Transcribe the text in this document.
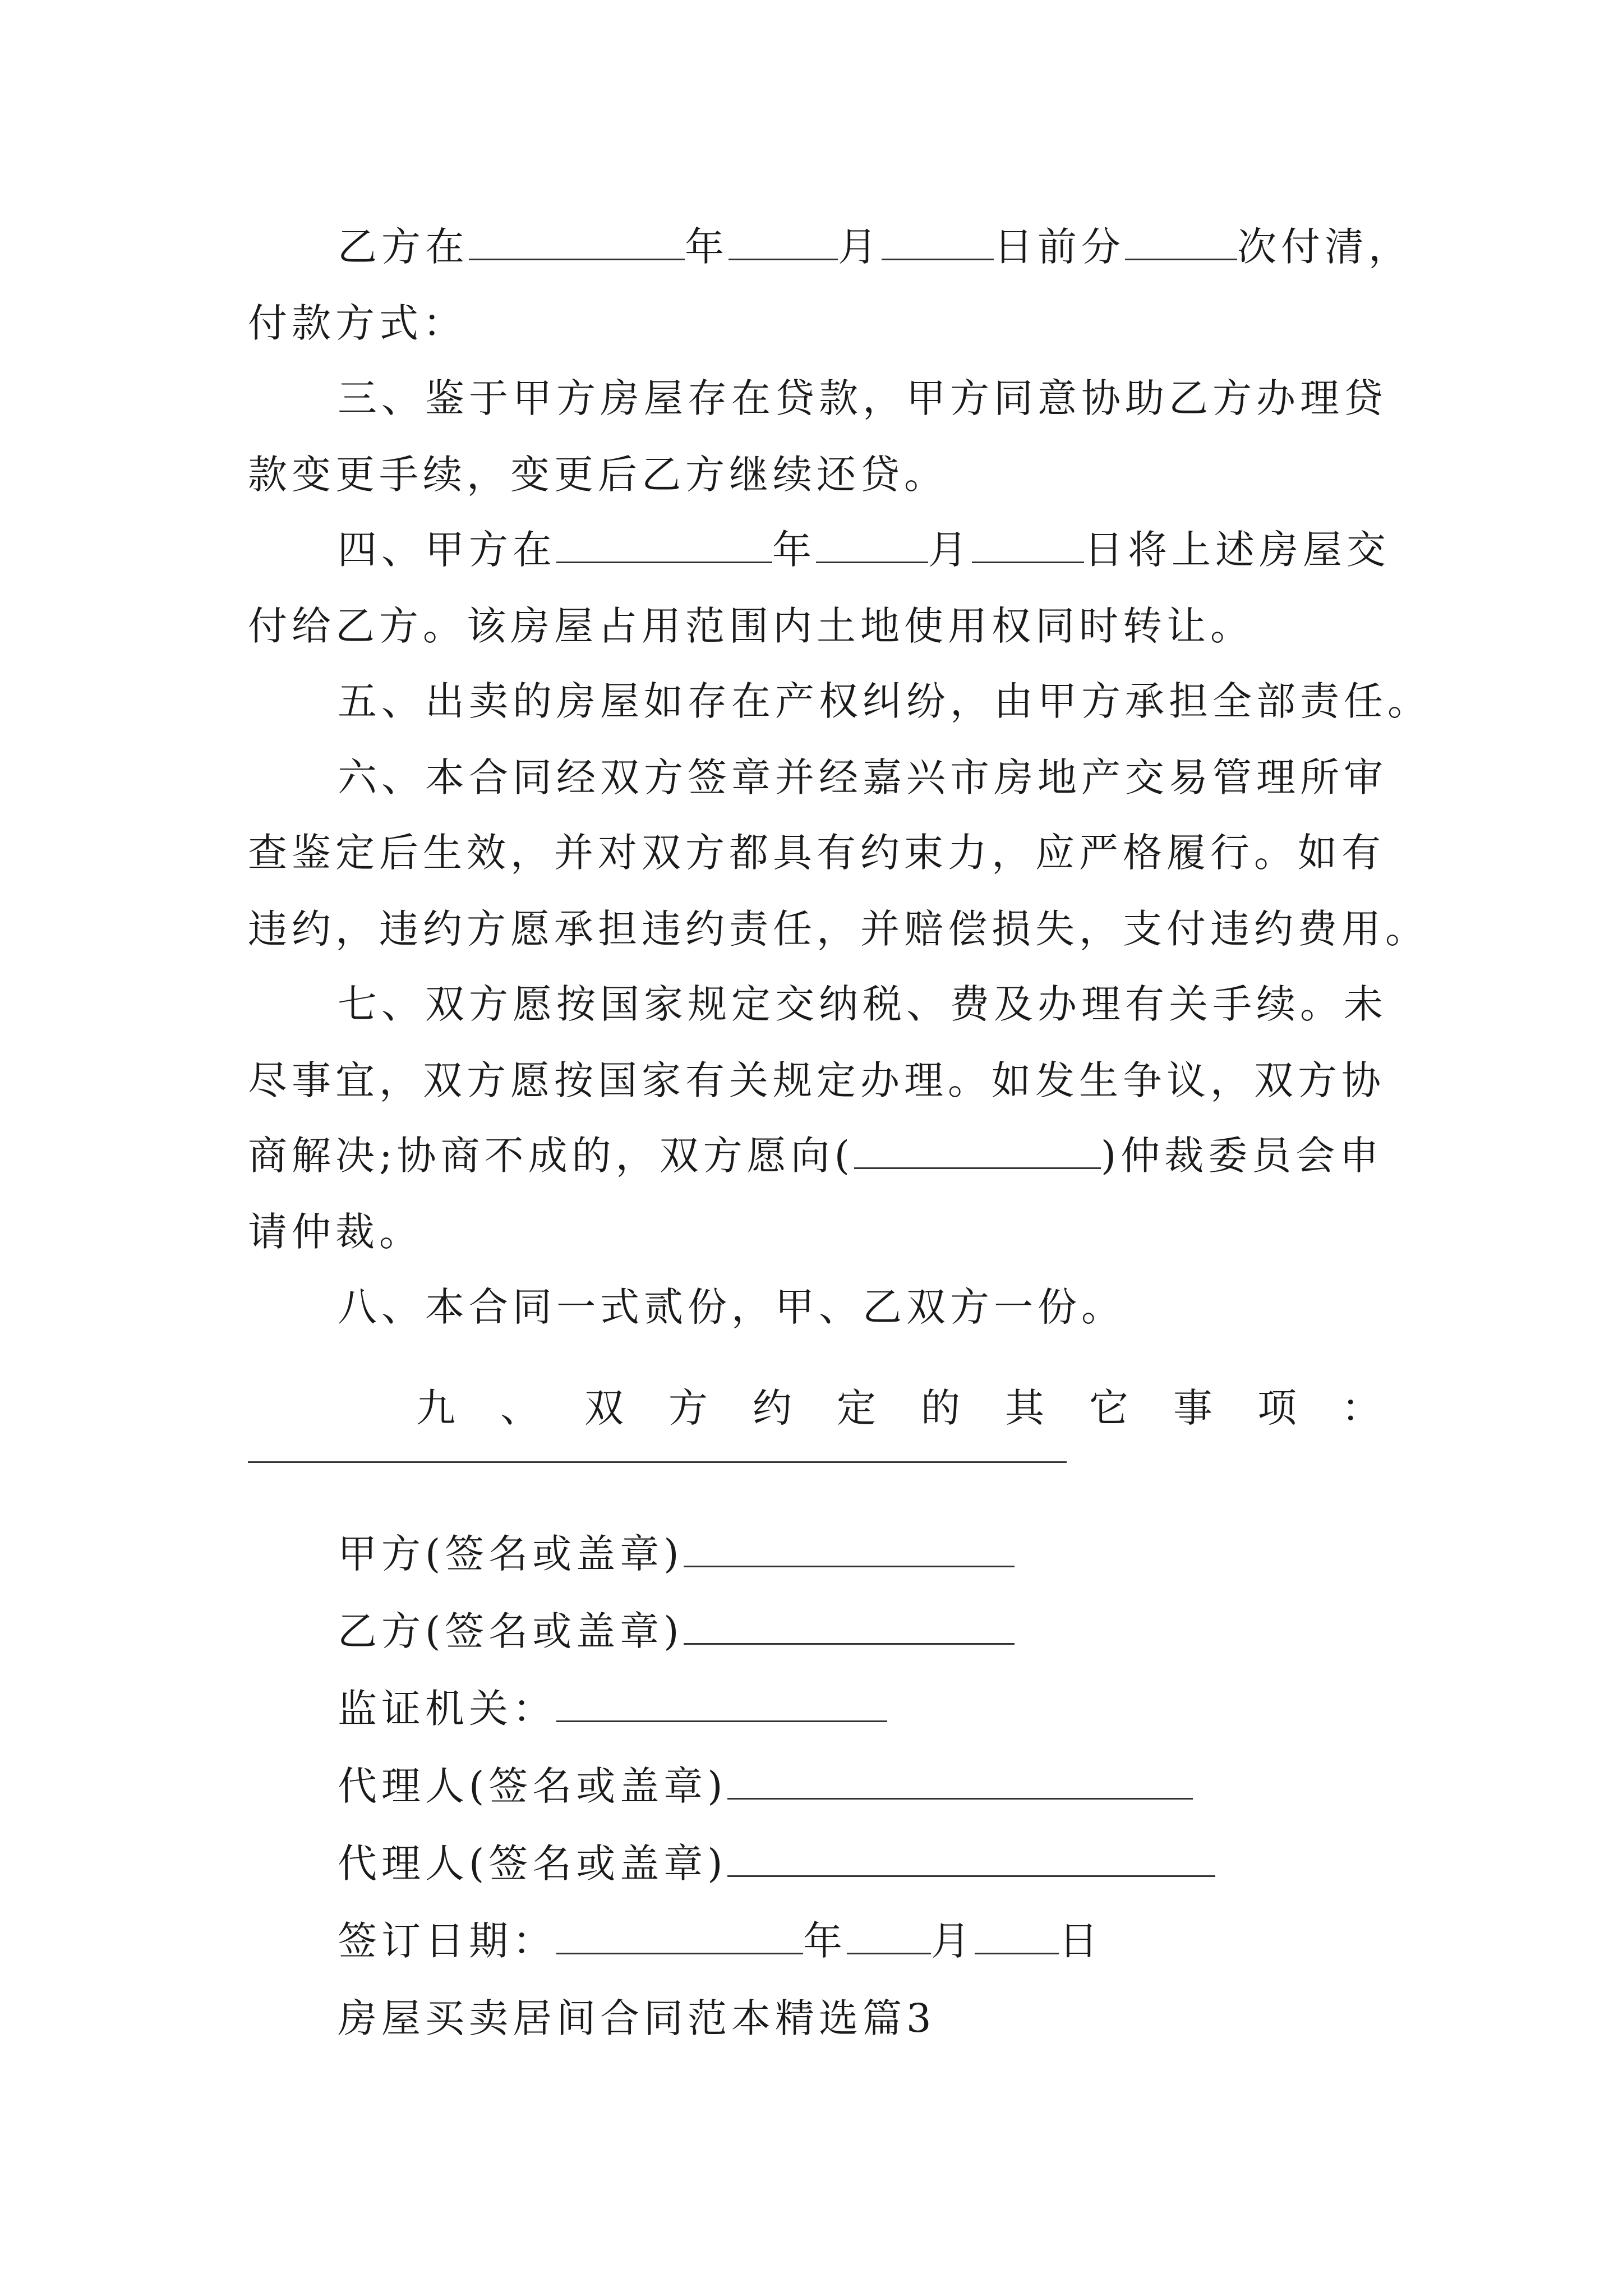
乙方在	年	月	日前分	次付清，
付款方式：
三、鉴于甲方房屋存在贷款，甲方同意协助乙方办理贷
款变更手续，变更后乙方继续还贷。
四、甲方在	年	月	日将上述房屋交
付给乙方。该房屋占用范围内土地使用权同时转让。
五、出卖的房屋如存在产权纠纷，由甲方承担全部责任。
六、本合同经双方签章并经嘉兴市房地产交易管理所审
查鉴定后生效，并对双方都具有约束力，应严格履行。如有
违约，违约方愿承担违约责任，并赔偿损失，支付违约费用。
七、双方愿按国家规定交纳税、费及办理有关手续。未
尽事宜，双方愿按国家有关规定办理。如发生争议，双方协
商解决;协商不成的，双方愿向(	)仲裁委员会申
请仲裁。
八、本合同一式贰份，甲、乙双方一份。
九 、 双 方 约 定 的 其 它 事 项 ：
甲方(签名或盖章)
乙方(签名或盖章)
监证机关：
代理人(签名或盖章)
代理人(签名或盖章)
签订日期：	年 月 日
房屋买卖居间合同范本精选篇3
